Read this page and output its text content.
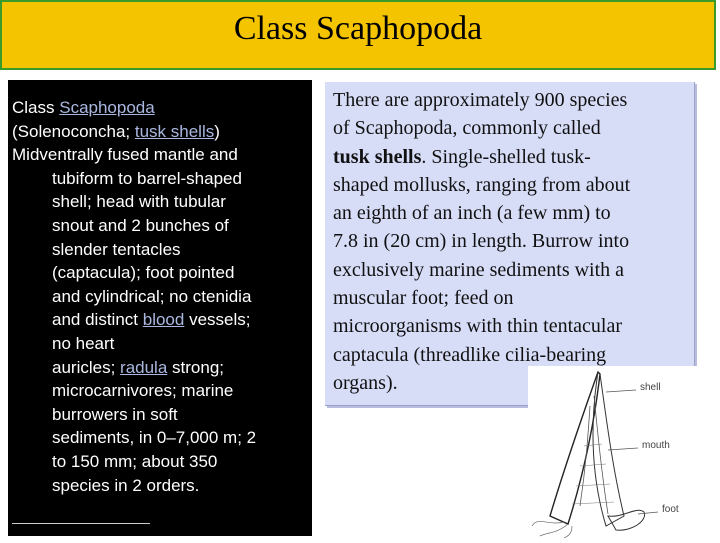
Class Scaphopoda
Class Scaphopoda
(Solenoconcha; tusk shells)
Midventrally fused mantle and
tubiform to barrel-shaped
shell; head with tubular
snout and 2 bunches of
slender tentacles
(captacula); foot pointed
and cylindrical; no ctenidia
and distinct blood vessels;
no heart
auricles; radula strong;
microcarnivores; marine
burrowers in soft
sediments, in 0–7,000 m; 2
to 150 mm; about 350
species in 2 orders.
There are approximately 900 species
of Scaphopoda, commonly called
tusk shells. Single-shelled tusk-
shaped mollusks, ranging from about
an eighth of an inch (a few mm) to
7.8 in (20 cm) in length. Burrow into
exclusively marine sediments with a
muscular foot; feed on
microorganisms with thin tentacular
captacula (threadlike cilia-bearing
organs).	shell
mouth
foot
